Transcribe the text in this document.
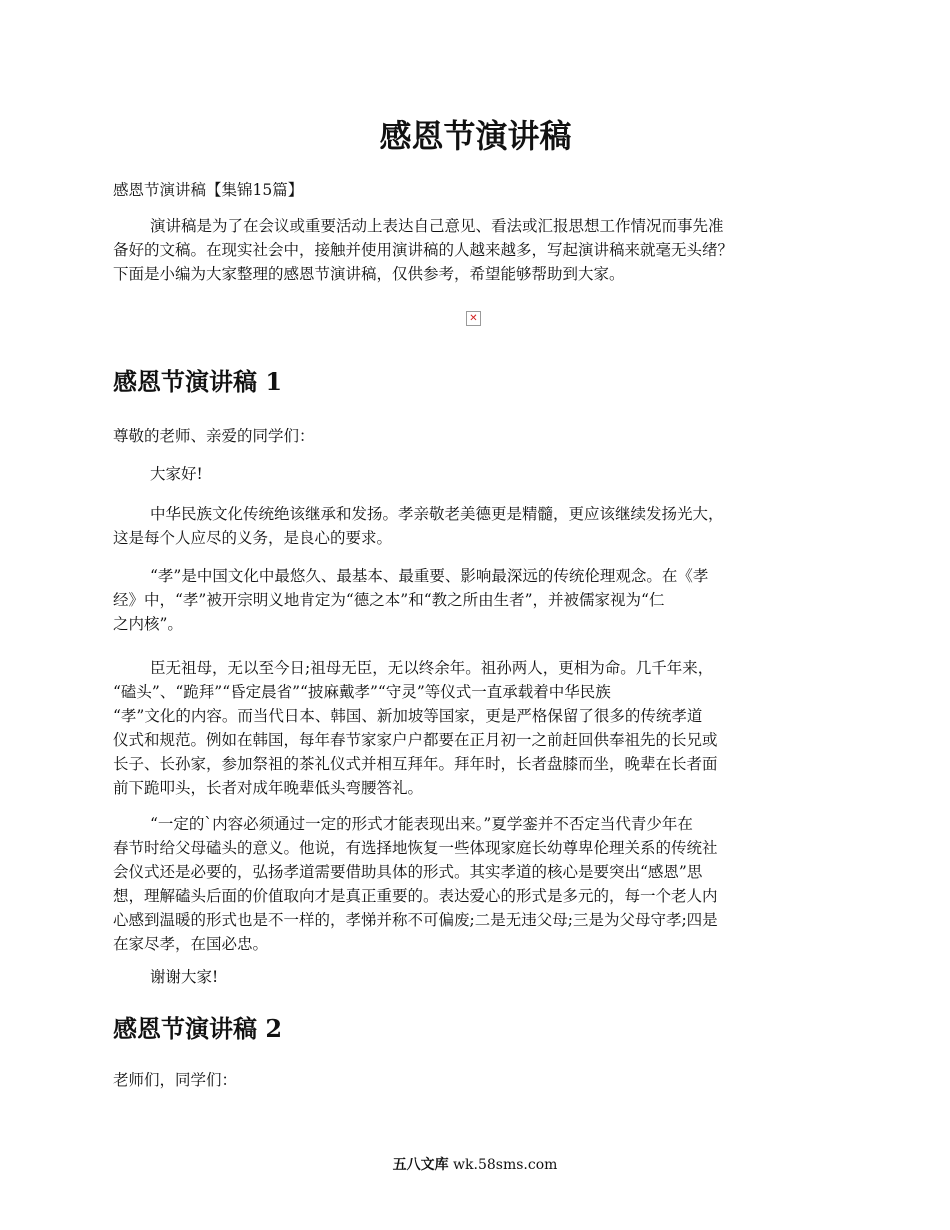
感恩节演讲稿

感恩节演讲稿【集锦15篇】

演讲稿是为了在会议或重要活动上表达自己意见、看法或汇报思想工作情况而事先准
备好的文稿。在现实社会中，接触并使用演讲稿的人越来越多，写起演讲稿来就毫无头绪？
下面是小编为大家整理的感恩节演讲稿，仅供参考，希望能够帮助到大家。
✕
感恩节演讲稿 1
尊敬的老师、亲爱的同学们：
大家好!
中华民族文化传统绝该继承和发扬。孝亲敬老美德更是精髓，更应该继续发扬光大，
这是每个人应尽的义务，是良心的要求。
“孝”是中国文化中最悠久、最基本、最重要、影响最深远的传统伦理观念。在《孝
经》中，“孝”被开宗明义地肯定为“德之本”和“教之所由生者”，并被儒家视为“仁
之内核”。
臣无祖母，无以至今日;祖母无臣，无以终余年。祖孙两人，更相为命。几千年来，
“磕头”、“跪拜”“昏定晨省”“披麻戴孝”“守灵”等仪式一直承载着中华民族
“孝”文化的内容。而当代日本、韩国、新加坡等国家，更是严格保留了很多的传统孝道
仪式和规范。例如在韩国，每年春节家家户户都要在正月初一之前赶回供奉祖先的长兄或
长子、长孙家，参加祭祖的茶礼仪式并相互拜年。拜年时，长者盘膝而坐，晚辈在长者面
前下跪叩头，长者对成年晚辈低头弯腰答礼。
“一定的`内容必须通过一定的形式才能表现出来。”夏学銮并不否定当代青少年在
春节时给父母磕头的意义。他说，有选择地恢复一些体现家庭长幼尊卑伦理关系的传统社
会仪式还是必要的，弘扬孝道需要借助具体的形式。其实孝道的核心是要突出“感恩”思
想，理解磕头后面的价值取向才是真正重要的。表达爱心的形式是多元的，每一个老人内
心感到温暖的形式也是不一样的，孝悌并称不可偏废;二是无违父母;三是为父母守孝;四是
在家尽孝，在国必忠。
谢谢大家!
感恩节演讲稿 2
老师们，同学们：

五八文库 wk.58sms.com
